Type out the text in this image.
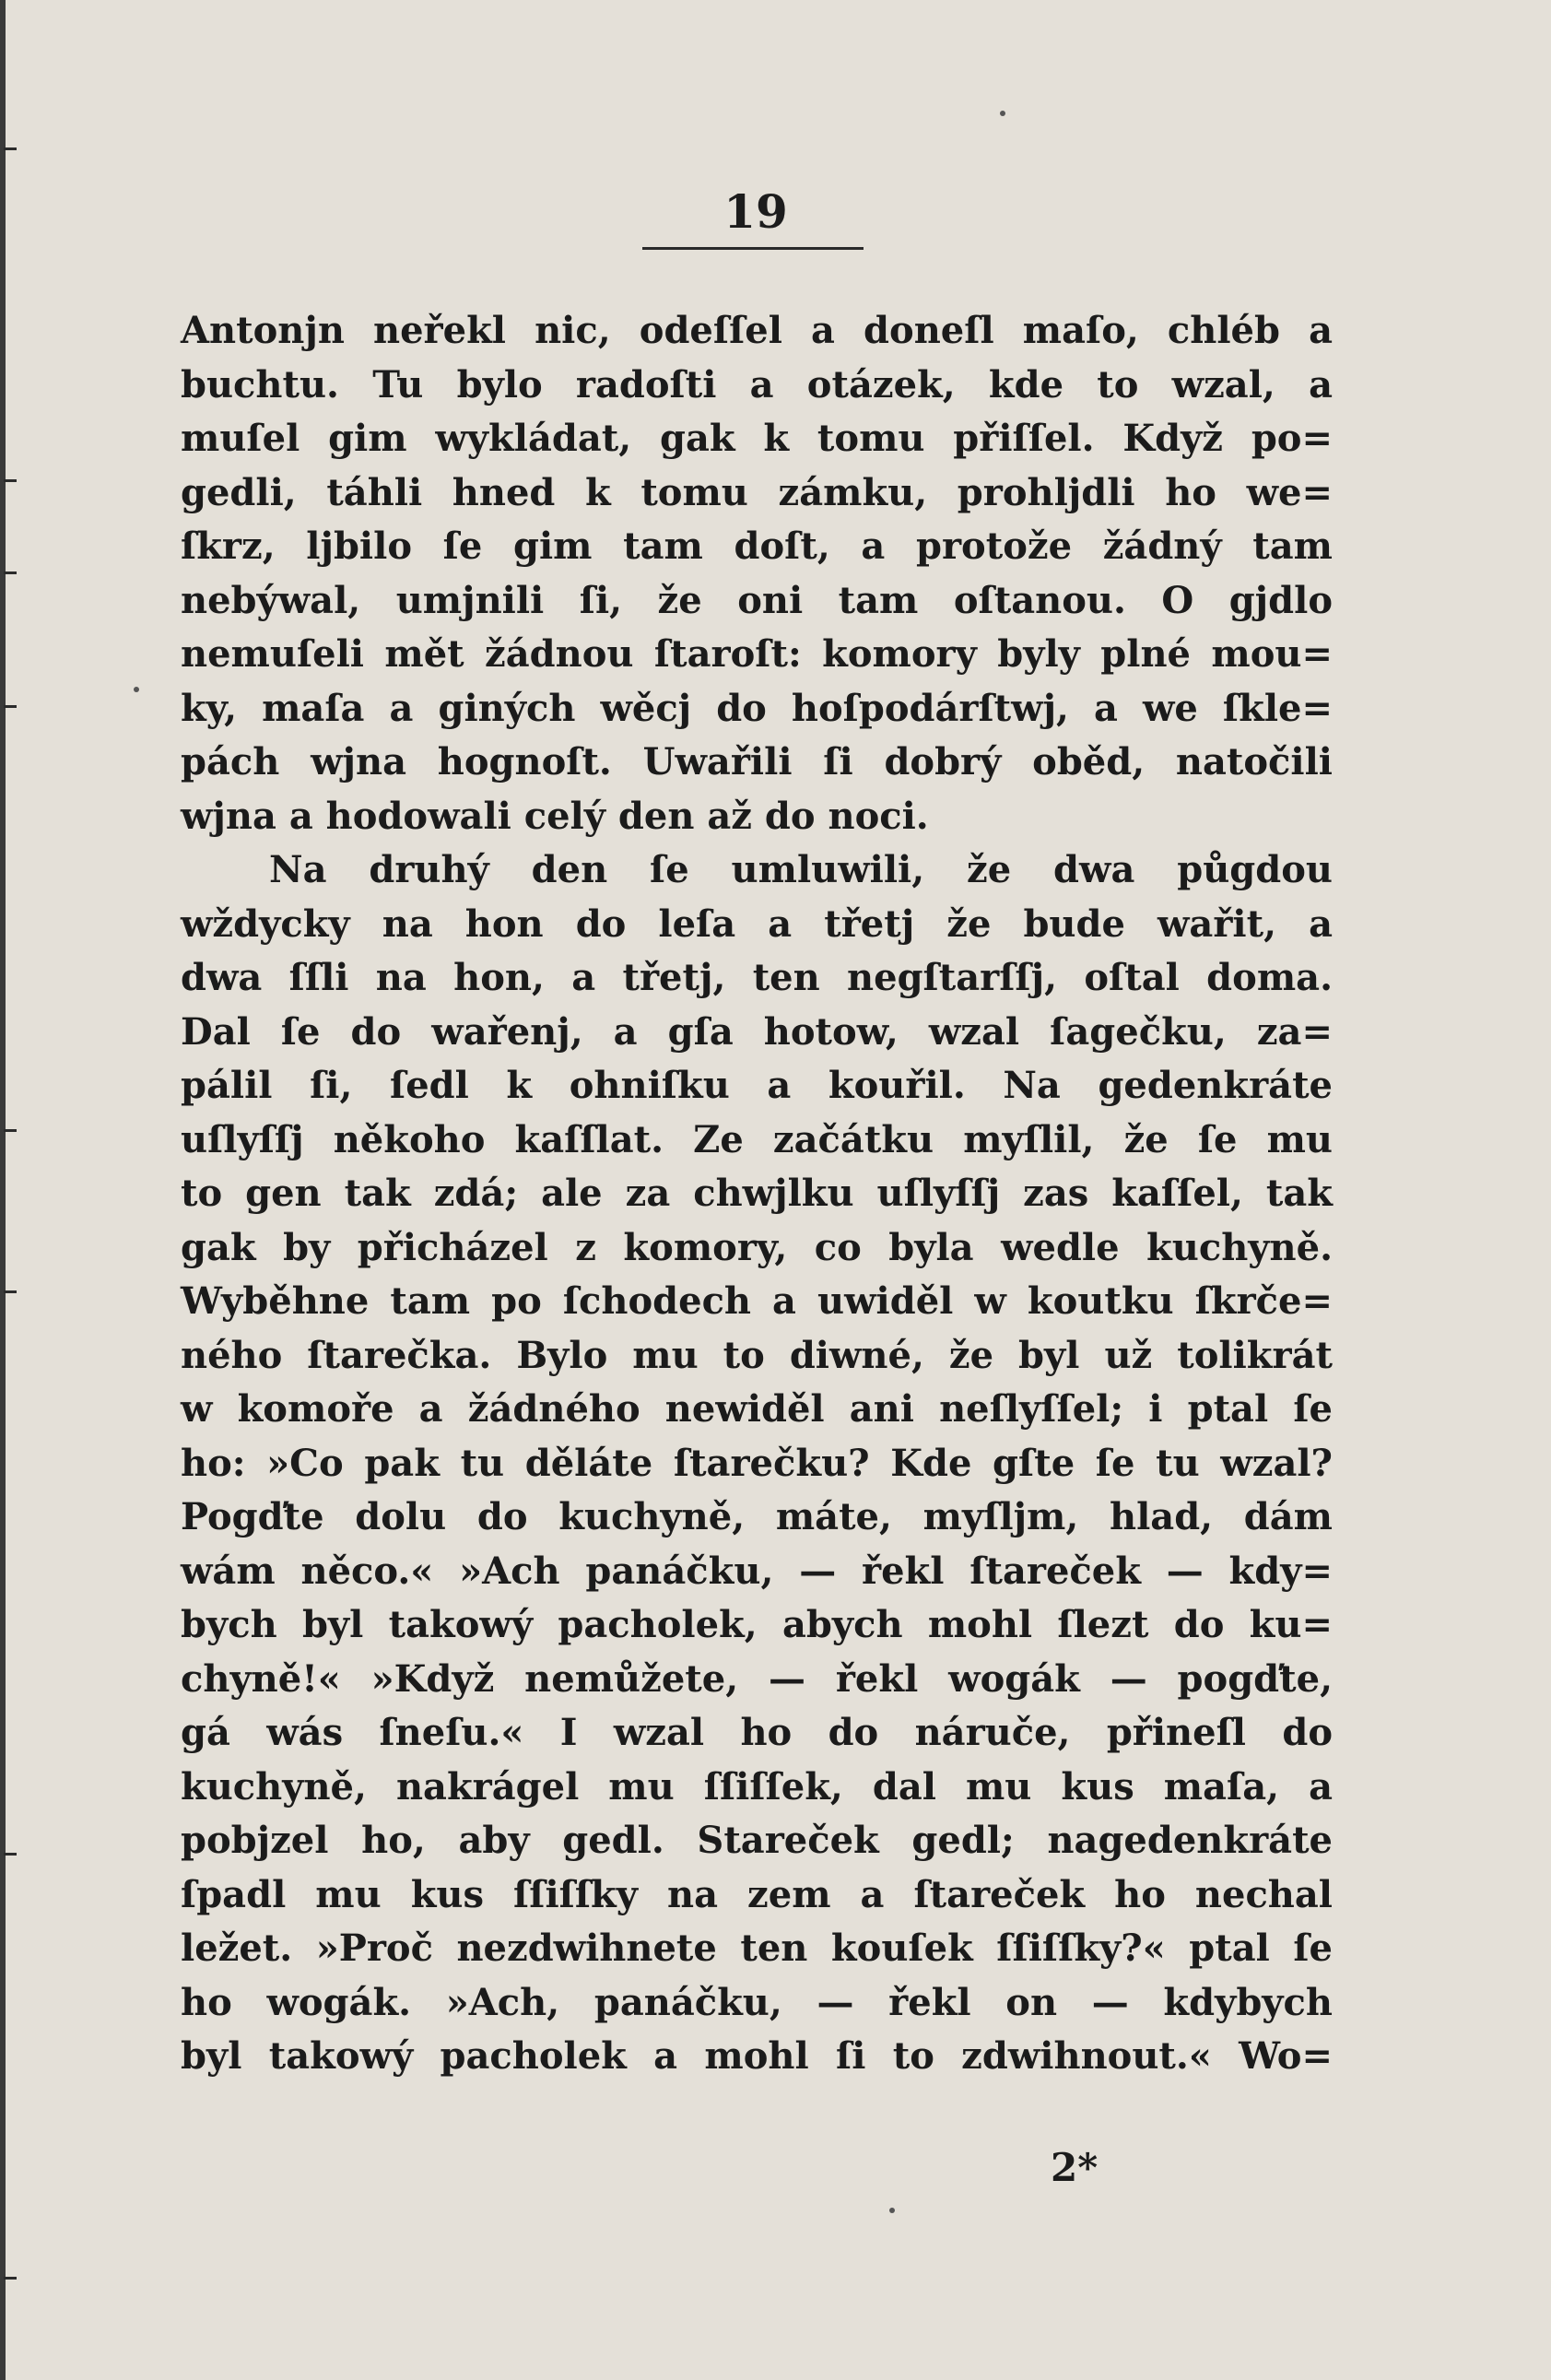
19
Antonjn neřekl nic, odeſſel a doneſl maſo, chléb a
buchtu. Tu bylo radoſti a otázek, kde to wzal, a
muſel gim wykládat, gak k tomu přiſſel. Když po=
gedli, táhli hned k tomu zámku, prohljdli ho we=
ſkrz, ljbilo ſe gim tam doſt, a protože žádný tam
nebýwal, umjnili ſi, že oni tam oſtanou. O gjdlo
nemuſeli mět žádnou ſtaroſt: komory byly plné mou=
ky, maſa a giných wěcj do hoſpodárſtwj, a we ſkle=
pách wjna hognoſt. Uwařili ſi dobrý oběd, natočili
wjna a hodowali celý den až do noci.
Na druhý den ſe umluwili, že dwa půgdou
wždycky na hon do leſa a třetj že bude wařit, a
dwa ſſli na hon, a třetj, ten negſtarſſj, oſtal doma.
Dal ſe do wařenj, a gſa hotow, wzal ſagečku, za=
pálil ſi, ſedl k ohniſku a kouřil. Na gedenkráte
uſlyſſj někoho kaſſlat. Ze začátku myſlil, že ſe mu
to gen tak zdá; ale za chwjlku uſlyſſj zas kaſſel, tak
gak by přicházel z komory, co byla wedle kuchyně.
Wyběhne tam po ſchodech a uwiděl w koutku ſkrče=
ného ſtarečka. Bylo mu to diwné, že byl už tolikrát
w komoře a žádného newiděl ani neſlyſſel; i ptal ſe
ho: »Co pak tu děláte ſtarečku? Kde gſte ſe tu wzal?
Pogďte dolu do kuchyně, máte, myſljm, hlad, dám
wám něco.« »Ach panáčku, — řekl ſtareček — kdy=
bych byl takowý pacholek, abych mohl ſlezt do ku=
chyně!« »Když nemůžete, — řekl wogák — pogďte,
gá wás ſneſu.« I wzal ho do náruče, přineſl do
kuchyně, nakrágel mu ſſiſſek, dal mu kus maſa, a
pobjzel ho, aby gedl. Stareček gedl; nagedenkráte
ſpadl mu kus ſſiſſky na zem a ſtareček ho nechal
ležet. »Proč nezdwihnete ten kouſek ſſiſſky?« ptal ſe
ho wogák. »Ach, panáčku, — řekl on — kdybych
byl takowý pacholek a mohl ſi to zdwihnout.« Wo=
2*
